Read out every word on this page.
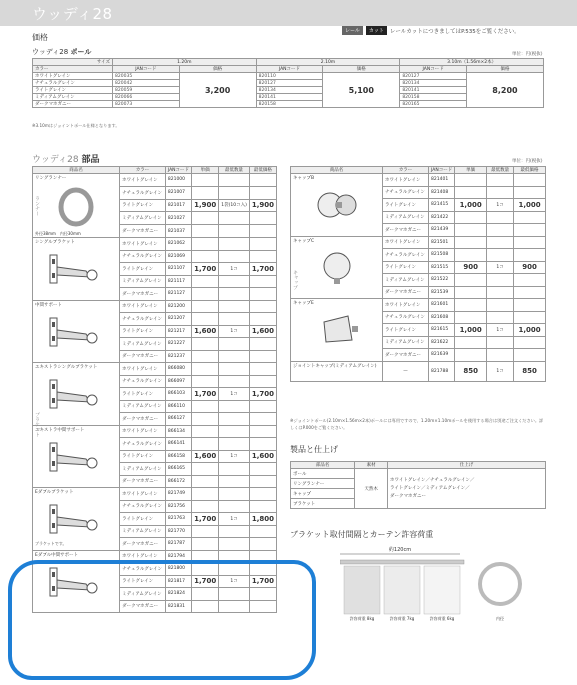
ウッディ28
レール	カット	レールカットにつきましてはP.535をご覧ください。
価格
ウッディ28 ポール	単位：円(税抜)
サイズ	1.20m		2.10m		3.10m（1.56m×2本）	
カラー	JANコード	価格	JANコード	価格	JANコード	価格
ホワイトグレイン	820035	3,200	820110	5,100	820127	8,200
ナチュラルグレイン	820042		820127		820134	
ライトグレイン	820059		820134		820141	
ミディアムグレイン	820066		820141		820158	
ダークマホガニー	820073		820158		820165	
※3.10mはジョイントポール仕様となります。
ウッディ28 部品	単位：円(税抜)
商品名	カラー	JANコード	単価	最低数量	最低価格

リングランナー
外径38mm　内径30mm	ホワイトグレイン	821000			
	ナチュラルグレイン	821007			
	ライトグレイン	821017	1,900	1袋(10コ入)	1,900
	ミディアムグレイン	821027			
	ダークマホガニー	821037			

シングルブラケット	ホワイトグレイン	821062			
	ナチュラルグレイン	821069			
	ライトグレイン	821107	1,700	1コ	1,700
	ミディアムグレイン	821117			
	ダークマホガニー	821127			

中間サポート	ホワイトグレイン	821200			
	ナチュラルグレイン	821207			
	ライトグレイン	821217	1,600	1コ	1,600
	ミディアムグレイン	821227			
	ダークマホガニー	821237			

エキストラシングルブラケット	ホワイトグレイン	866080			
	ナチュラルグレイン	866097			
	ライトグレイン	866103	1,700	1コ	1,700
	ミディアムグレイン	866110			
	ダークマホガニー	866127			

エキストラ中間サポート	ホワイトグレイン	866134			
	ナチュラルグレイン	866141			
	ライトグレイン	866158	1,600	1コ	1,600
	ミディアムグレイン	866165			
	ダークマホガニー	866172			

Eダブルブラケット
ブラケットです。	ホワイトグレイン	821749			
	ナチュラルグレイン	821756			
	ライトグレイン	821763	1,700	1コ	1,800
	ミディアムグレイン	821770			
	ダークマホガニー	821787			

Eダブル中間サポート	ホワイトグレイン	821794			
	ナチュラルグレイン	821800			
	ライトグレイン	821817	1,700	1コ	1,700
	ミディアムグレイン	821824			
	ダークマホガニー	821831			
ランナー
ブラケット
商品名	カラー	JANコード	単価	最低数量	最低価格

キャップB	ホワイトグレイン	821401			
	ナチュラルグレイン	821408			
	ライトグレイン	821415	1,000	1コ	1,000
	ミディアムグレイン	821422			
	ダークマホガニー	821439			

キャップC	ホワイトグレイン	821501			
	ナチュラルグレイン	821508			
	ライトグレイン	821515	900	1コ	900
	ミディアムグレイン	821522			
	ダークマホガニー	821539			

キャップE	ホワイトグレイン	821601			
	ナチュラルグレイン	821608			
	ライトグレイン	821615	1,000	1コ	1,000
	ミディアムグレイン	821622			
	ダークマホガニー	821639			
ジョイントキャップ(ミディアムグレイン)	—	821788	850	1コ	850
キャップ
※ジョイントポール(2.10m×1.56m×2本)ポールには専用ですので、1.20m×1.10mポールを使用する場合は別途ご注文ください。詳しくはP.000をご覧ください。
製品と仕上げ
部品名	素材	仕上げ
ポール	天然木	ホワイトグレイン／ナチュラルグレイン／
ライトグレイン／ミディアムグレイン／
ダークマホガニー

リングランナー		
キャップ		
ブラケット		
ブラケット取付間隔とカーテン許容荷重
約120cm
許容荷重 8kg	許容荷重 7kg	許容荷重 6kg	内径
